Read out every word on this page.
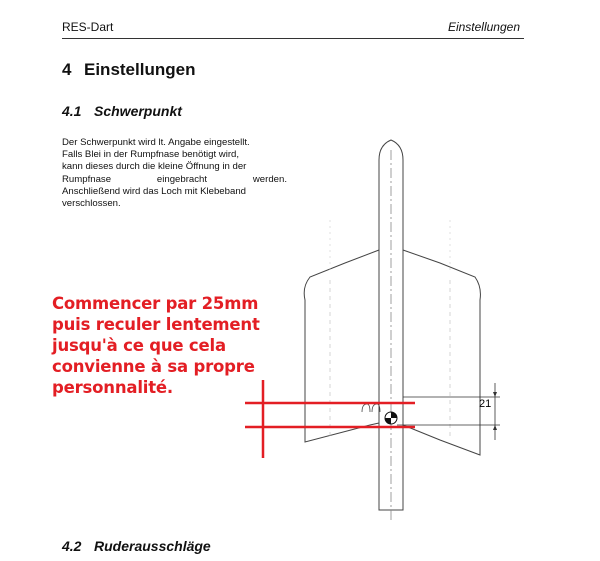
RES-Dart	Einstellungen
4 Einstellungen
4.1 Schwerpunkt
Der Schwerpunkt wird lt. Angabe eingestellt.
Falls Blei in der Rumpfnase benötigt wird,
kann dieses durch die kleine Öffnung in der
Rumpfnase eingebracht werden.
Anschließend wird das Loch mit Klebeband
verschlossen.
21
Commencer par 25mm
puis reculer lentement
jusqu'à ce que cela
convienne à sa propre
personnalité.
4.2 Ruderausschläge
